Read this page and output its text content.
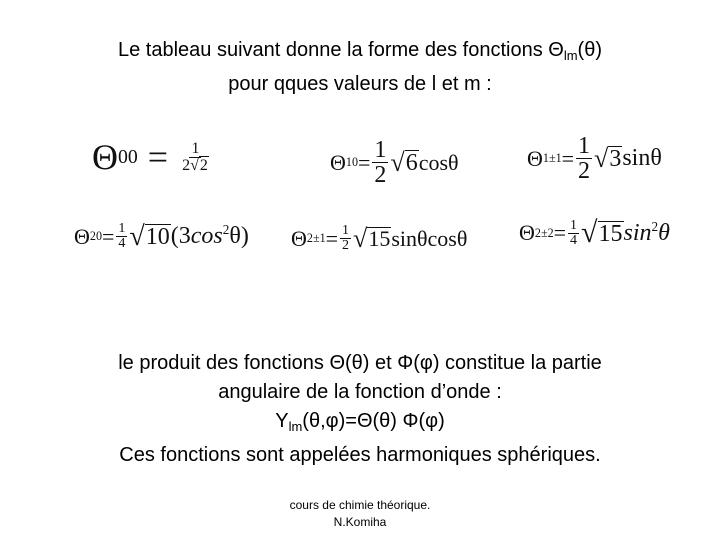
Le tableau suivant donne la forme des fonctions $\Theta_{lm}(\theta)$
pour qques valeurs de l et m :
Θ $00 = \frac{1}{2√2}$	Θ $10 = \frac{1}{2}$ √ 6 cosθ	Θ $1\pm 1 = \frac{1}{2}$ √ 3 sinθ
Θ $20 = \frac{1}{4}$ √ 10 $(3\cos^2\theta)$ Θ $2\pm 1 = \frac{1}{2}$ √ 15 sinθcosθ Θ $2\pm 2 = \frac{1}{4}$ √ 15 $\sin^2\theta$
le produit des fonctions Θ(θ) et Φ(φ) constitue la partie
angulaire de la fonction d’onde :
$Y_{lm}(\theta,\varphi)=\Theta(\theta)$ Φ(φ)
Ces fonctions sont appelées harmoniques sphériques.
cours de chimie théorique.
N.Komiha
